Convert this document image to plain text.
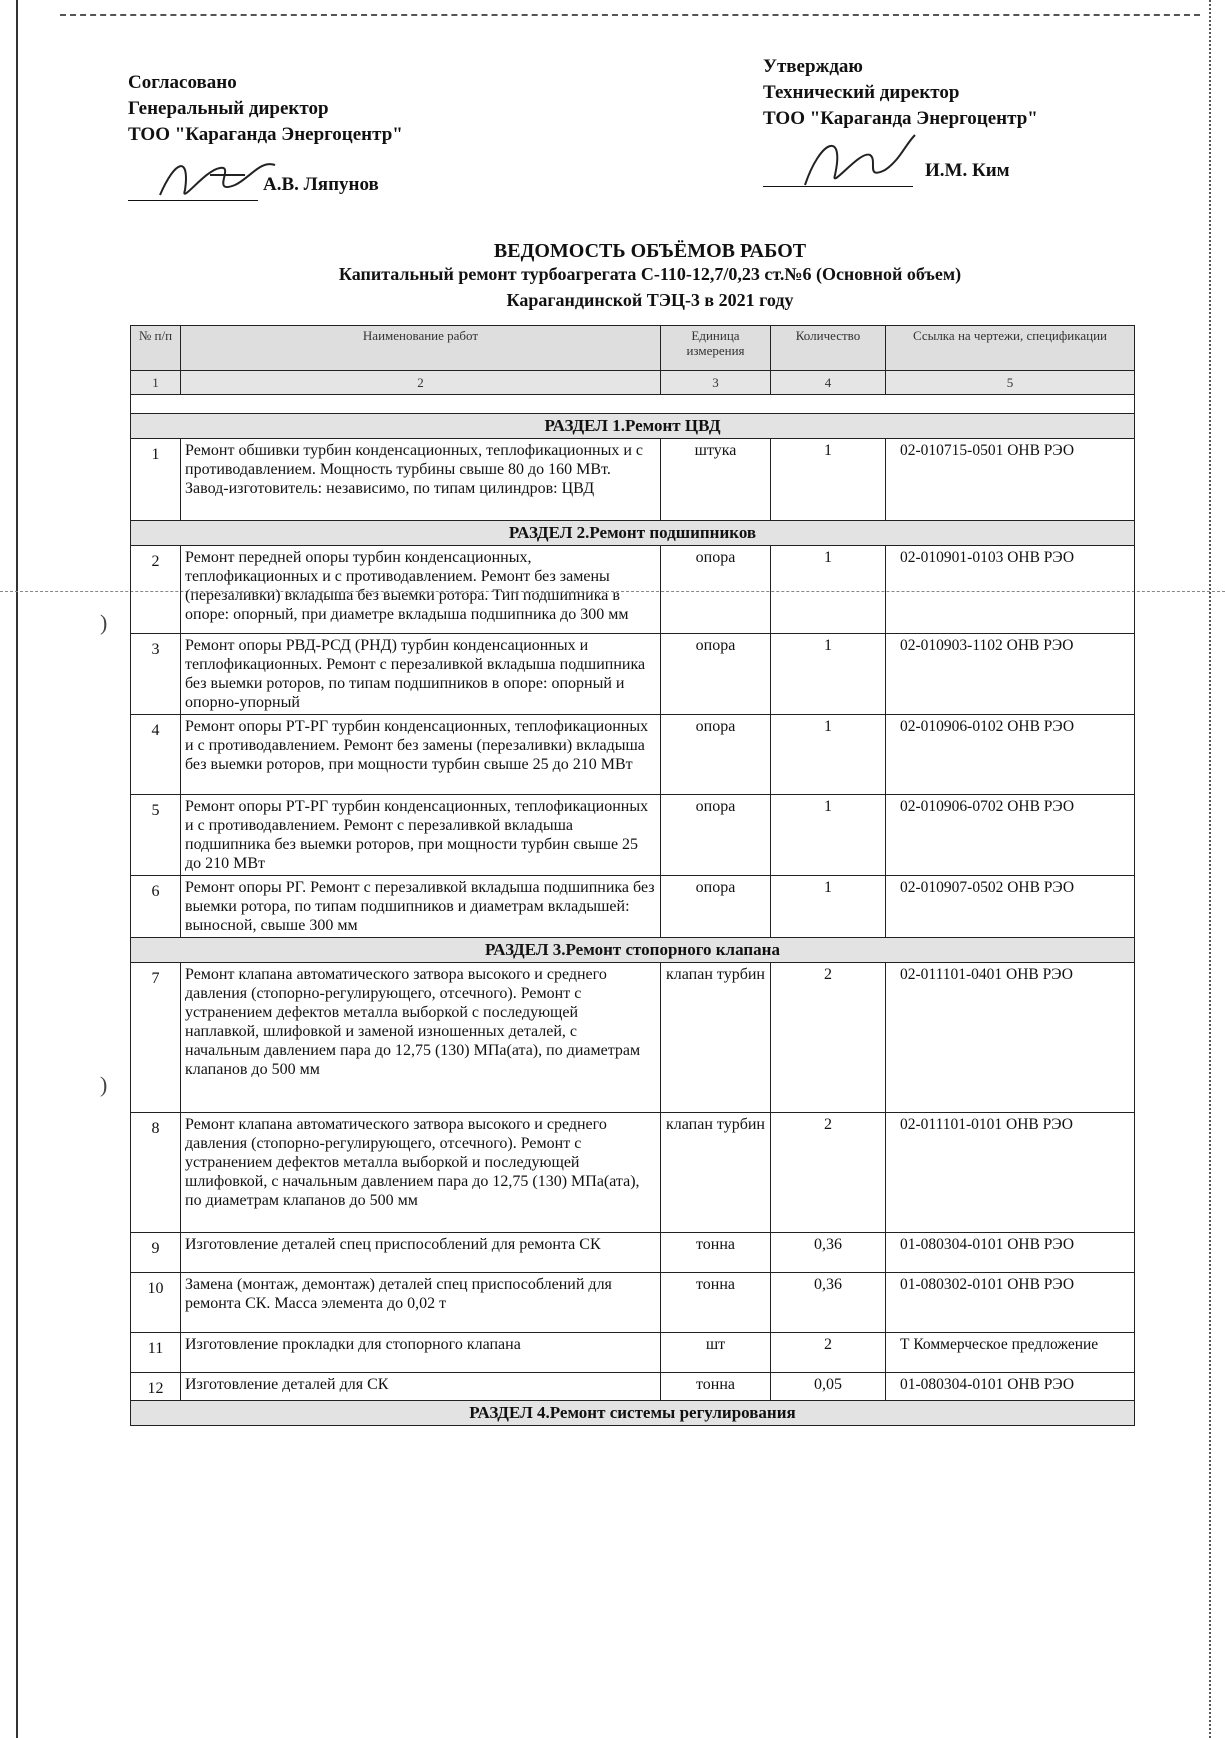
)
)
Согласовано
Генеральный директор
ТОО "Караганда Энергоцентр"
А.В. Ляпунов
Утверждаю
Технический директор
ТОО "Караганда Энергоцентр"
И.М. Ким
ВЕДОМОСТЬ ОБЪЁМОВ РАБОТ
Капитальный ремонт турбоагрегата С-110-12,7/0,23 ст.№6 (Основной объем)
Карагандинской ТЭЦ-3 в 2021 году
№ п/п	Наименование работ	Единица измерения	Количество	Ссылка на чертежи, спецификации
1	2	3	4	5

РАЗДЕЛ 1.Ремонт ЦВД				
1	Ремонт обшивки турбин конденсационных, теплофикационных и с противодавлением. Мощность турбины свыше 80 до 160 МВт. Завод-изготовитель: независимо, по типам цилиндров: ЦВД	штука	1	02-010715-0501 ОНВ РЭО
РАЗДЕЛ 2.Ремонт подшипников				
2	Ремонт передней опоры турбин конденсационных, теплофикационных и с противодавлением. Ремонт без замены (перезаливки) вкладыша без выемки ротора. Тип подшипника в опоре: опорный, при диаметре вкладыша подшипника до 300 мм	опора	1	02-010901-0103 ОНВ РЭО
3	Ремонт опоры РВД-РСД (РНД) турбин конденсационных и теплофикационных. Ремонт с перезаливкой вкладыша подшипника без выемки роторов, по типам подшипников в опоре: опорный и опорно-упорный	опора	1	02-010903-1102 ОНВ РЭО
4	Ремонт опоры РТ-РГ турбин конденсационных, теплофикационных и с противодавлением. Ремонт без замены (перезаливки) вкладыша без выемки роторов, при мощности турбин свыше 25 до 210 МВт	опора	1	02-010906-0102 ОНВ РЭО
5	Ремонт опоры РТ-РГ турбин конденсационных, теплофикационных и с противодавлением. Ремонт с перезаливкой вкладыша подшипника без выемки роторов, при мощности турбин свыше 25 до 210 МВт	опора	1	02-010906-0702 ОНВ РЭО
6	Ремонт опоры РГ. Ремонт с перезаливкой вкладыша подшипника без выемки ротора, по типам подшипников и диаметрам вкладышей: выносной, свыше 300 мм	опора	1	02-010907-0502 ОНВ РЭО
РАЗДЕЛ 3.Ремонт стопорного клапана				
7	Ремонт клапана автоматического затвора высокого и среднего давления (стопорно-регулирующего, отсечного). Ремонт с устранением дефектов металла выборкой с последующей наплавкой, шлифовкой и заменой изношенных деталей, с начальным давлением пара до 12,75 (130) МПа(ата), по диаметрам клапанов до 500 мм	клапан турбин	2	02-011101-0401 ОНВ РЭО
8	Ремонт клапана автоматического затвора высокого и среднего давления (стопорно-регулирующего, отсечного). Ремонт с устранением дефектов металла выборкой и последующей шлифовкой, с начальным давлением пара до 12,75 (130) МПа(ата), по диаметрам клапанов до 500 мм	клапан турбин	2	02-011101-0101 ОНВ РЭО
9	Изготовление деталей спец приспособлений для ремонта СК	тонна	0,36	01-080304-0101 ОНВ РЭО
10	Замена (монтаж, демонтаж) деталей спец приспособлений для ремонта СК. Масса элемента до 0,02 т	тонна	0,36	01-080302-0101 ОНВ РЭО
11	Изготовление прокладки для стопорного клапана	шт	2	Т Коммерческое предложение
12	Изготовление деталей для СК	тонна	0,05	01-080304-0101 ОНВ РЭО
РАЗДЕЛ 4.Ремонт системы регулирования				
